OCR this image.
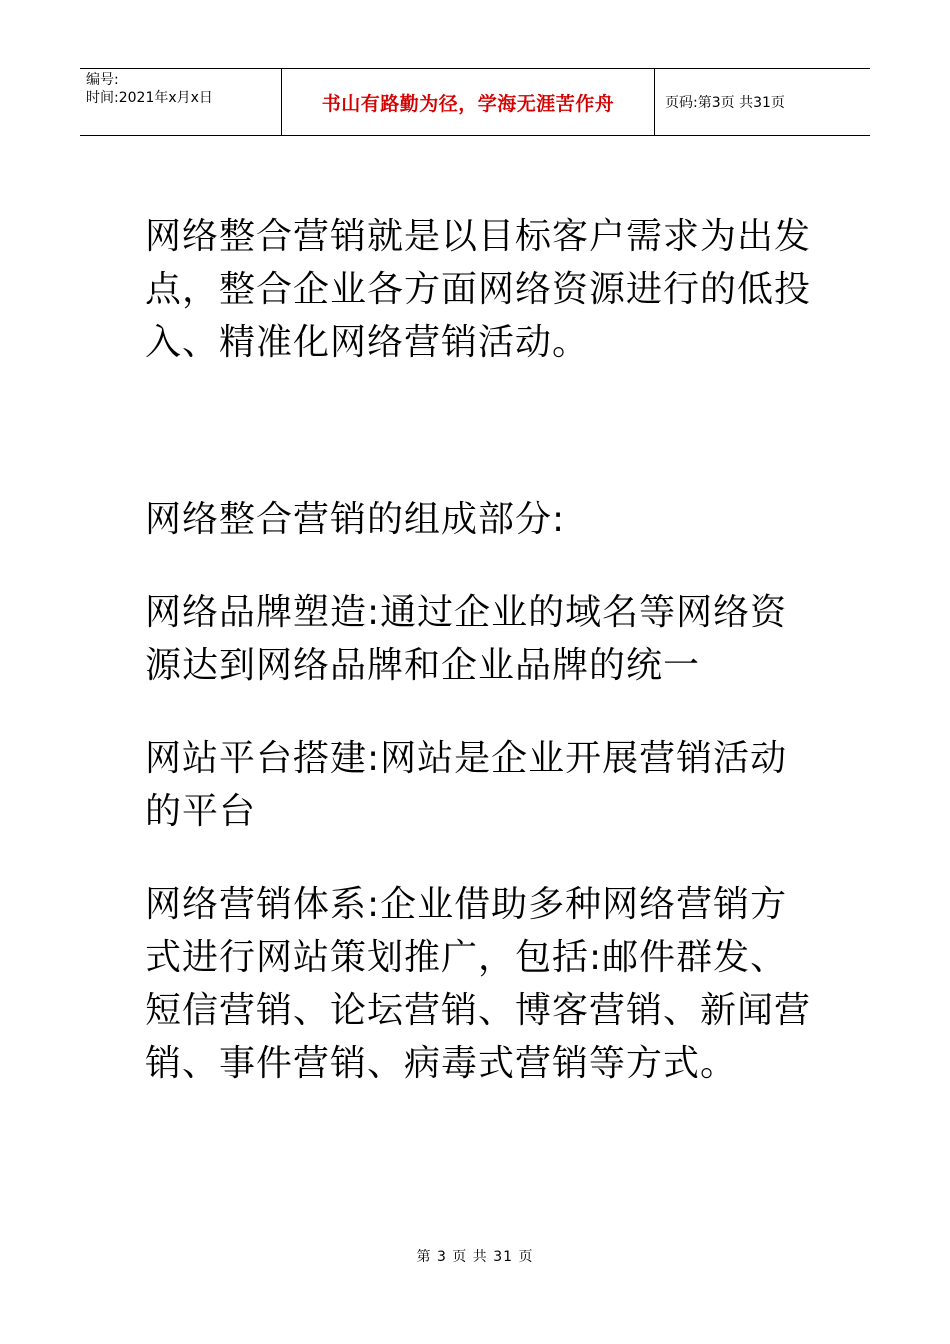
编号:
时间:2021年x月x日	书山有路勤为径，学海无涯苦作舟	页码:第3页 共31页

网络整合营销就是以目标客户需求为出发点，整合企业各方面网络资源进行的低投入、精准化网络营销活动。

网络整合营销的组成部分:

网络品牌塑造:通过企业的域名等网络资源达到网络品牌和企业品牌的统一

网站平台搭建:网站是企业开展营销活动的平台

网络营销体系:企业借助多种网络营销方式进行网站策划推广，包括:邮件群发、短信营销、论坛营销、博客营销、新闻营销、事件营销、病毒式营销等方式。

第 3 页 共 31 页
